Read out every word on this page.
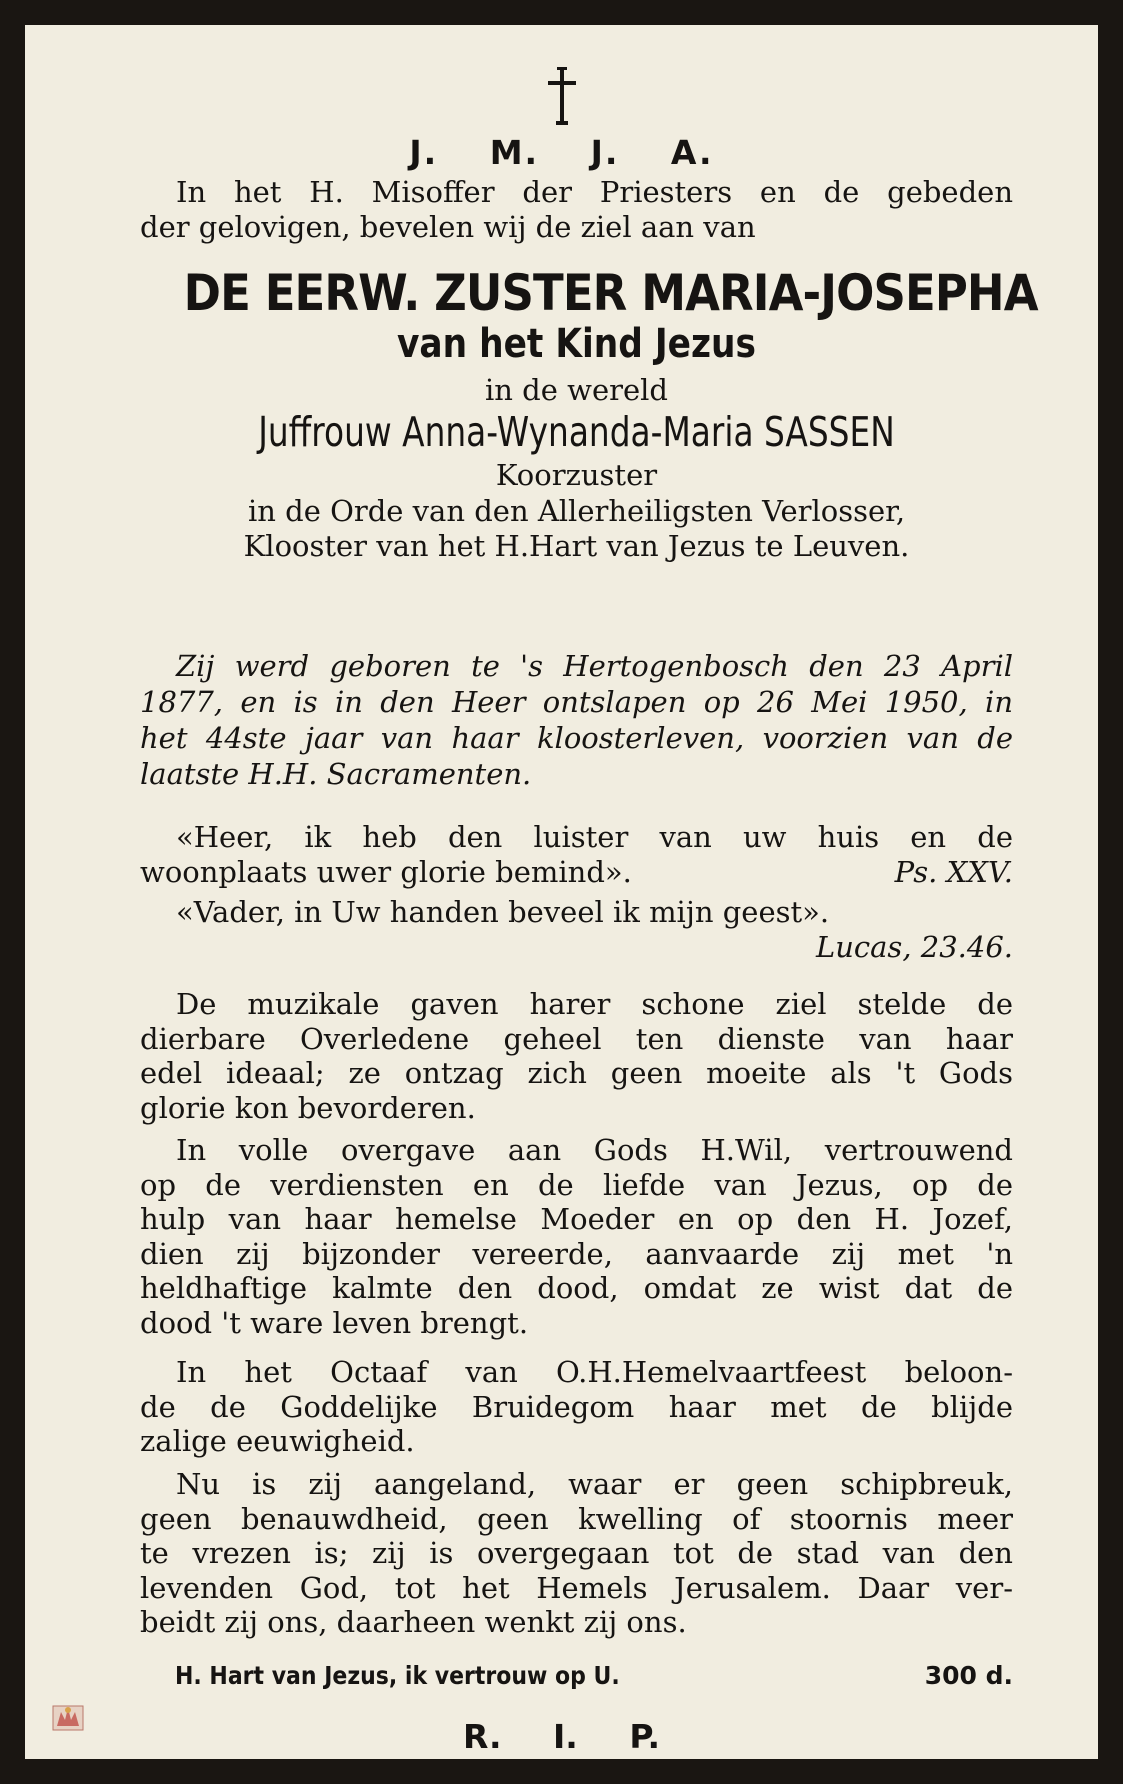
J. M. J. A.
In het H. Misoffer der Priesters en de gebeden
der gelovigen, bevelen wij de ziel aan van
DE EERW. ZUSTER MARIA-JOSEPHA
van het Kind Jezus
in de wereld
Juffrouw Anna-Wynanda-Maria SASSEN
Koorzuster
in de Orde van den Allerheiligsten Verlosser,
Klooster van het H.Hart van Jezus te Leuven.
Zij werd geboren te 's Hertogenbosch den 23 April
1877, en is in den Heer ontslapen op 26 Mei 1950, in
het 44ste jaar van haar kloosterleven, voorzien van de
laatste H.H. Sacramenten.
«Heer, ik heb den luister van uw huis en de
woonplaats uwer glorie bemind».	Ps. XXV.
«Vader, in Uw handen beveel ik mijn geest».
Lucas, 23.46.
De muzikale gaven harer schone ziel stelde de
dierbare Overledene geheel ten dienste van haar
edel ideaal; ze ontzag zich geen moeite als 't Gods
glorie kon bevorderen.
In volle overgave aan Gods H.Wil, vertrouwend
op de verdiensten en de liefde van Jezus, op de
hulp van haar hemelse Moeder en op den H. Jozef,
dien zij bijzonder vereerde, aanvaarde zij met 'n
heldhaftige kalmte den dood, omdat ze wist dat de
dood 't ware leven brengt.
In het Octaaf van O.H.Hemelvaartfeest beloon-
de de Goddelijke Bruidegom haar met de blijde
zalige eeuwigheid.
Nu is zij aangeland, waar er geen schipbreuk,
geen benauwdheid, geen kwelling of stoornis meer
te vrezen is; zij is overgegaan tot de stad van den
levenden God, tot het Hemels Jerusalem. Daar ver-
beidt zij ons, daarheen wenkt zij ons.
H. Hart van Jezus, ik vertrouw op U.	300 d.
R. I. P.
